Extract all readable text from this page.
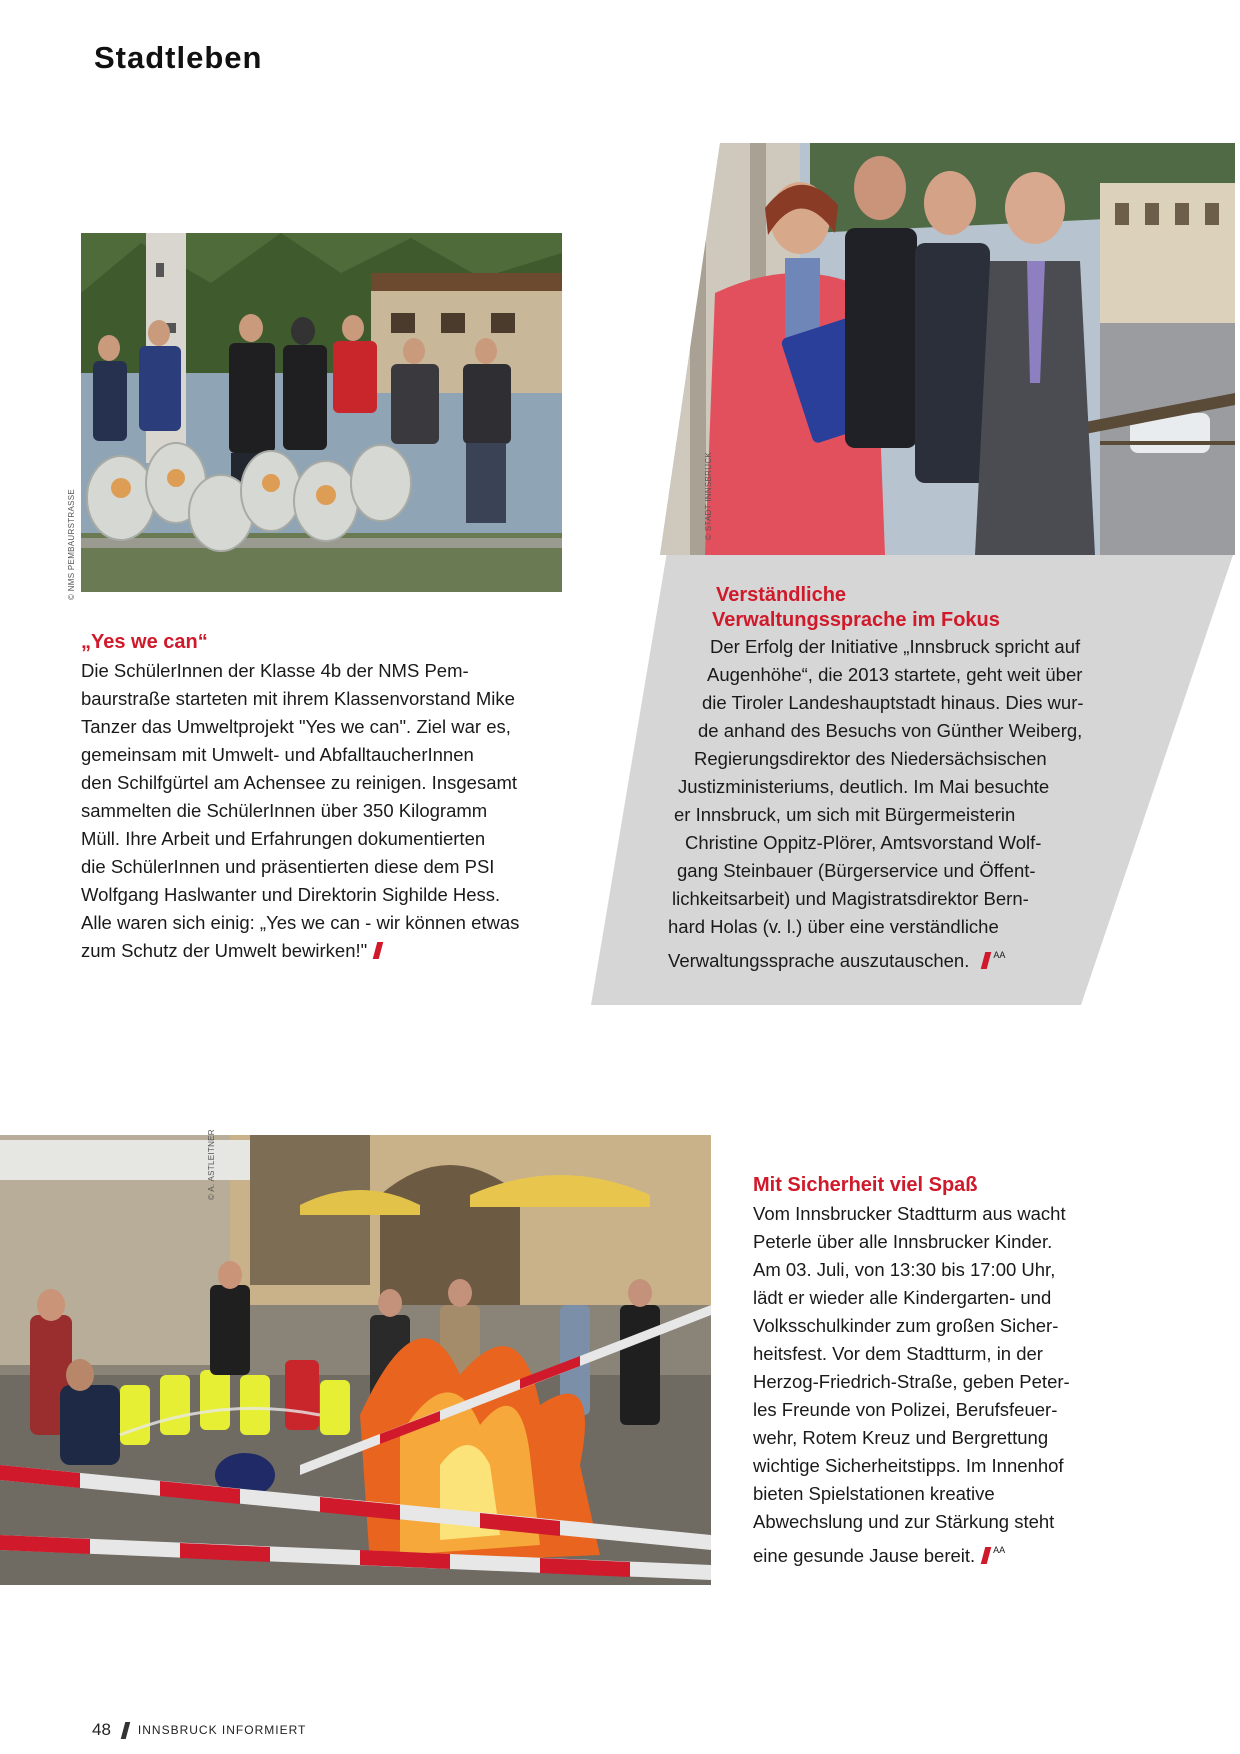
Stadtleben
© NMS PEMBAURSTRASSE
„Yes we can“
Die SchülerInnen der Klasse 4b der NMS Pem-
baurstraße starteten mit ihrem Klassenvorstand Mike
Tanzer das Umweltprojekt "Yes we can". Ziel war es,
gemeinsam mit Umwelt- und AbfalltaucherInnen
den Schilfgürtel am Achensee zu reinigen. Insgesamt
sammelten die SchülerInnen über 350 Kilogramm
Müll. Ihre Arbeit und Erfahrungen dokumentierten
die SchülerInnen und präsentierten diese dem PSI
Wolfgang Haslwanter und Direktorin Sighilde Hess.
Alle waren sich einig: „Yes we can - wir können etwas
zum Schutz der Umwelt bewirken!"
© STADT INNSBRUCK
Verständliche
Verwaltungssprache im Fokus
Der Erfolg der Initiative „Innsbruck spricht auf
Augenhöhe“, die 2013 startete, geht weit über
die Tiroler Landeshauptstadt hinaus. Dies wur-
de anhand des Besuchs von Günther Weiberg,
Regierungsdirektor des Niedersächsischen
Justizministeriums, deutlich. Im Mai besuchte
er Innsbruck, um sich mit Bürgermeisterin
Christine Oppitz-Plörer, Amtsvorstand Wolf-
gang Steinbauer (Bürgerservice und Öffent-
lichkeitsarbeit) und Magistratsdirektor Bern-
hard Holas (v. l.) über eine verständliche
Verwaltungssprache auszutauschen.	$^{AA}$
© A. ASTLEITNER	Mit Sicherheit viel Spaß
Vom Innsbrucker Stadtturm aus wacht
Peterle über alle Innsbrucker Kinder.
Am 03. Juli, von 13:30 bis 17:00 Uhr,
lädt er wieder alle Kindergarten- und
Volksschulkinder zum großen Sicher-
heitsfest. Vor dem Stadtturm, in der
Herzog-Friedrich-Straße, geben Peter-
les Freunde von Polizei, Berufsfeuer-
wehr, Rotem Kreuz und Bergrettung
wichtige Sicherheitstipps. Im Innenhof
bieten Spielstationen kreative
Abwechslung und zur Stärkung steht
eine gesunde Jause bereit. $^{AA}$
48 INNSBRUCK INFORMIERT
